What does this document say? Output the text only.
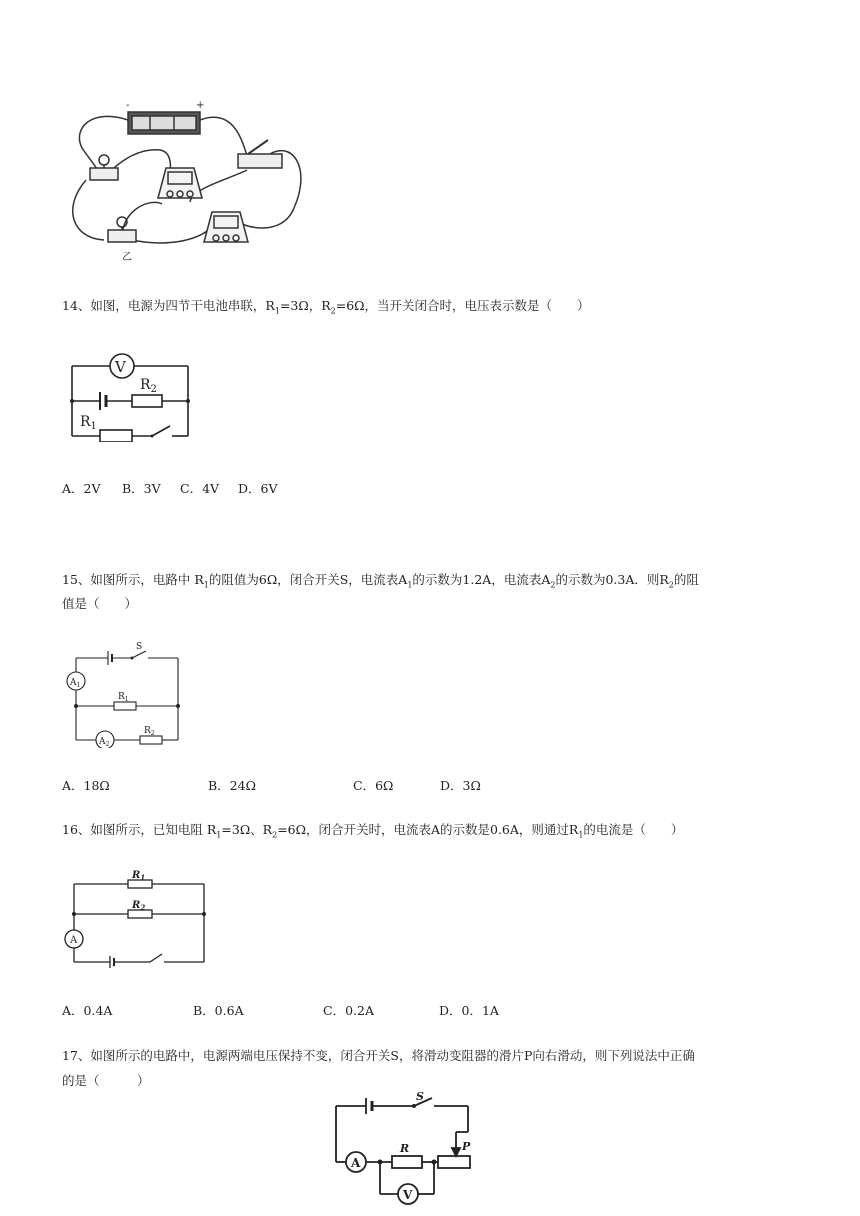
-	+
乙
14、如图，电源为四节干电池串联，$R_1=3\Omega$，$R_2=6\Omega$，当开关闭合时，电压表示数是（　　）
V
$R_2$
$R_1$
A．2V B．3V C．4V D．6V
15、如图所示，电路中 $R_1$的阻值为6Ω，闭合开关S，电流表$A_1$的示数为1.2A，电流表$A_2$的示数为0.3A．则$R_2$的阻
值是（　　）
S
$A_1$
$R_1$
$A_2$
$R_2$
A．18Ω	B．24Ω	C．6Ω	D．3Ω
16、如图所示，已知电阻 $R_1=3\Omega$、$R_2=6\Omega$，闭合开关时，电流表A的示数是0.6A，则通过$R_1$的电流是（　　）
$R_1$
$R_2$
A
A．0.4A	B．0.6A	C．0.2A	D．0．1A
17、如图所示的电路中，电源两端电压保持不变，闭合开关S，将滑动变阻器的滑片P向右滑动，则下列说法中正确
的是（　　　）
S
R	P
A
V
